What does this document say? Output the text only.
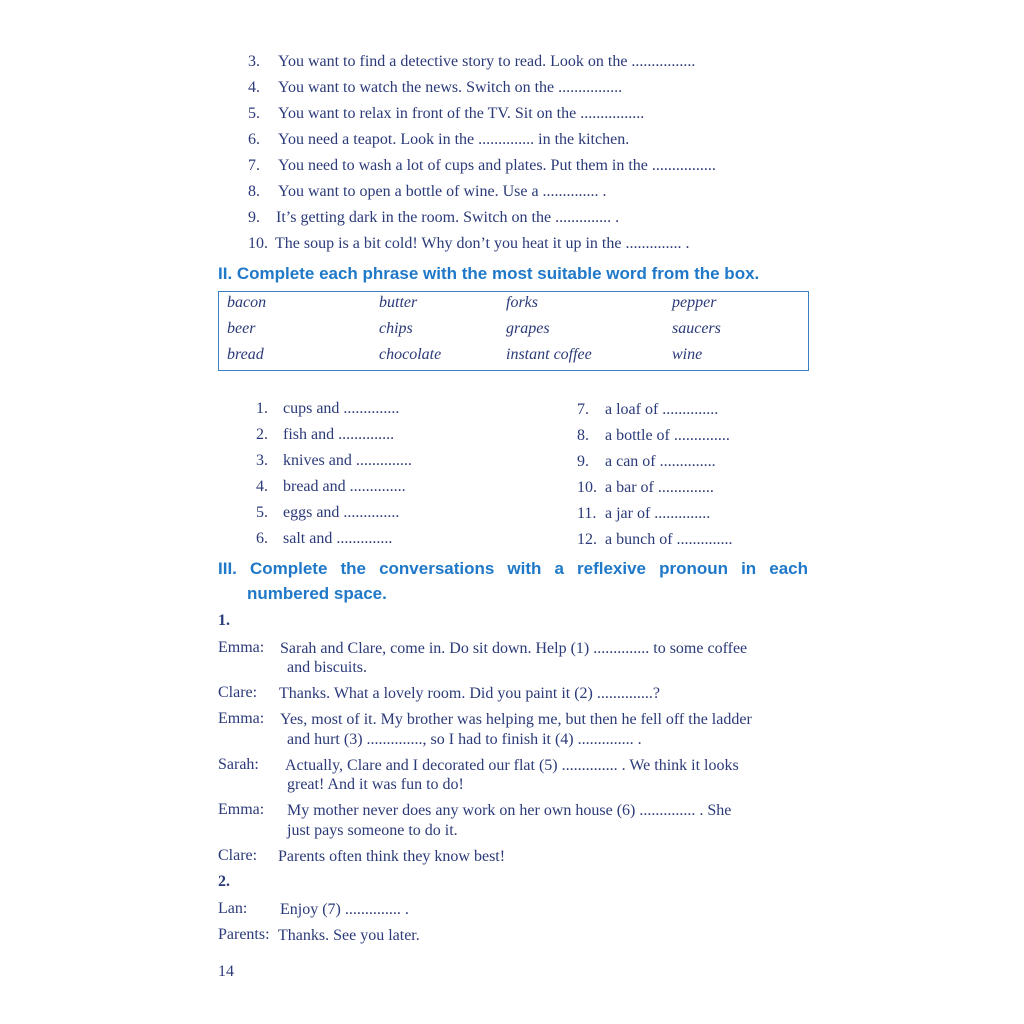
3. You want to find a detective story to read. Look on the ................
4. You want to watch the news. Switch on the ................
5. You want to relax in front of the TV. Sit on the ................
6. You need a teapot. Look in the .............. in the kitchen.
7. You need to wash a lot of cups and plates. Put them in the ................
8. You want to open a bottle of wine. Use a .............. .
9. It’s getting dark in the room. Switch on the .............. .
10. The soup is a bit cold! Why don’t you heat it up in the .............. .
II. Complete each phrase with the most suitable word from the box.
bacon	butter	forks	pepper
beer	chips	grapes	saucers
bread	chocolate	instant coffee	wine
1. cups and ..............
2. fish and ..............
3. knives and ..............
4. bread and ..............
5. eggs and ..............
6. salt and ..............
7. a loaf of ..............
8. a bottle of ..............
9. a can of ..............
10. a bar of ..............
11. a jar of ..............
12. a bunch of ..............
III. Complete the conversations with a reflexive pronoun in each
numbered space.
1.
Emma: Sarah and Clare, come in. Do sit down. Help (1) .............. to some coffee
and biscuits.
Clare: Thanks. What a lovely room. Did you paint it (2) ..............?
Emma: Yes, most of it. My brother was helping me, but then he fell off the ladder
and hurt (3) .............., so I had to finish it (4) .............. .
Sarah: Actually, Clare and I decorated our flat (5) .............. . We think it looks
great! And it was fun to do!
Emma: My mother never does any work on her own house (6) .............. . She
just pays someone to do it.
Clare: Parents often think they know best!
2.
Lan: Enjoy (7) .............. .
Parents: Thanks. See you later.
14
